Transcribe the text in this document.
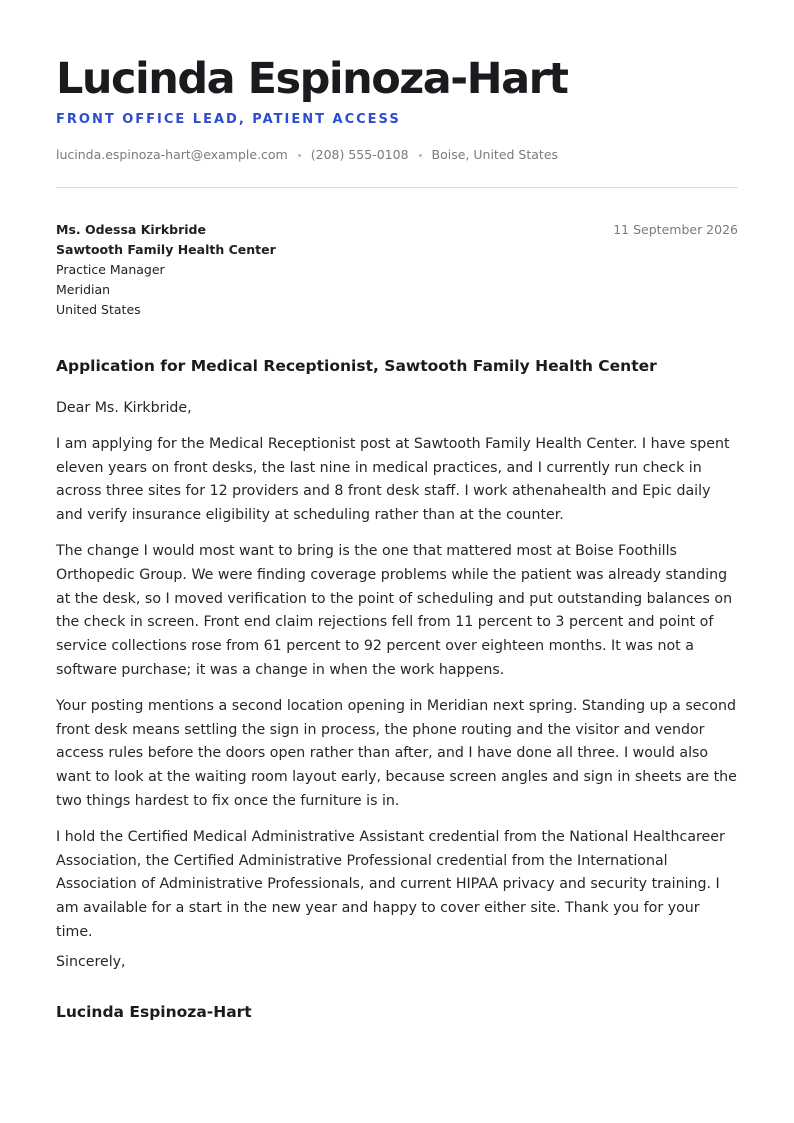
Lucinda Espinoza-Hart
FRONT OFFICE LEAD, PATIENT ACCESS
lucinda.espinoza-hart@example.com (208) 555-0108 Boise, United States
Ms. Odessa Kirkbride
Sawtooth Family Health Center
Practice Manager
Meridian
United States
11 September 2026
Application for Medical Receptionist, Sawtooth Family Health Center

Dear Ms. Kirkbride,

I am applying for the Medical Receptionist post at Sawtooth Family Health Center. I have spent eleven years on front desks, the last nine in medical practices, and I currently run check in across three sites for 12 providers and 8 front desk staff. I work athenahealth and Epic daily and verify insurance eligibility at scheduling rather than at the counter.

The change I would most want to bring is the one that mattered most at Boise Foothills Orthopedic Group. We were finding coverage problems while the patient was already standing at the desk, so I moved verification to the point of scheduling and put outstanding balances on the check in screen. Front end claim rejections fell from 11 percent to 3 percent and point of service collections rose from 61 percent to 92 percent over eighteen months. It was not a software purchase; it was a change in when the work happens.

Your posting mentions a second location opening in Meridian next spring. Standing up a second front desk means settling the sign in process, the phone routing and the visitor and vendor access rules before the doors open rather than after, and I have done all three. I would also want to look at the waiting room layout early, because screen angles and sign in sheets are the two things hardest to fix once the furniture is in.

I hold the Certified Medical Administrative Assistant credential from the National Healthcareer Association, the Certified Administrative Professional credential from the International Association of Administrative Professionals, and current HIPAA privacy and security training. I am available for a start in the new year and happy to cover either site. Thank you for your time.

Sincerely,
Lucinda Espinoza-Hart
